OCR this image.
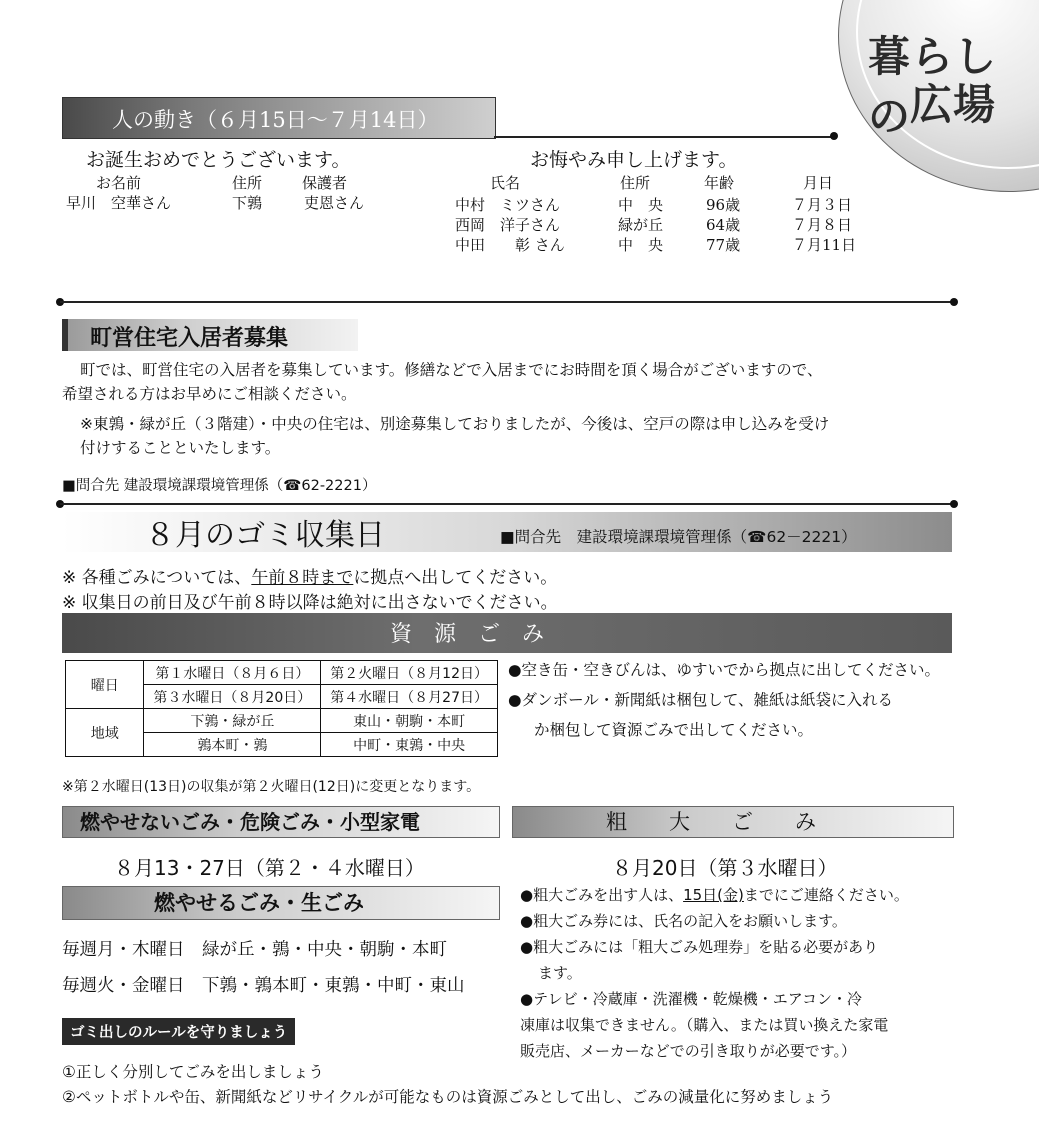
暮らしの
広場
人の動き（６月15日～７月14日）
お誕生おめでとうございます。
お名前	住所	保護者
早川　空華さん	下鶉	吏恩さん
お悔やみ申し上げます。
氏名	住所	年齢	月日
中村　ミツさん	中　央	96歳	７月３日
西岡　洋子さん	緑が丘	64歳	７月８日
中田　　彰 さん	中　央	77歳	７月11日
町営住宅入居者募集
町では、町営住宅の入居者を募集しています。修繕などで入居までにお時間を頂く場合がございますので、
希望される方はお早めにご相談ください。
※東鶉・緑が丘（３階建）・中央の住宅は、別途募集しておりましたが、今後は、空戸の際は申し込みを受け
付けすることといたします。
■問合先 建設環境課環境管理係（☎62-2221）
８月のゴミ収集日	■問合先　建設環境課環境管理係（☎62－2221）
※ 各種ごみについては、午前８時までに拠点へ出してください。
※ 収集日の前日及び午前８時以降は絶対に出さないでください。
資　源　ご　み
曜日	第１水曜日（８月６日）	第２火曜日（８月12日）
	第３水曜日（８月20日）	第４水曜日（８月27日）
地域	下鶉・緑が丘	東山・朝駒・本町
	鶉本町・鶉	中町・東鶉・中央
●空き缶・空きびんは、ゆすいでから拠点に出してください。
●ダンボール・新聞紙は梱包して、雑紙は紙袋に入れる
か梱包して資源ごみで出してください。
※第２水曜日(13日)の収集が第２火曜日(12日)に変更となります。
燃やせないごみ・危険ごみ・小型家電
８月13・27日（第２・４水曜日）
燃やせるごみ・生ごみ
毎週月・木曜日　緑が丘・鶉・中央・朝駒・本町
毎週火・金曜日　下鶉・鶉本町・東鶉・中町・東山
粗　　大　　ご　　み
８月20日（第３水曜日）
●粗大ごみを出す人は、15日(金)までにご連絡ください。
●粗大ごみ券には、氏名の記入をお願いします。
●粗大ごみには「粗大ごみ処理券」を貼る必要があり
ます。
●テレビ・冷蔵庫・洗濯機・乾燥機・エアコン・冷
凍庫は収集できません。（購入、または買い換えた家電
販売店、メーカーなどでの引き取りが必要です。）
ゴミ出しのルールを守りましょう
①正しく分別してごみを出しましょう
②ペットボトルや缶、新聞紙などリサイクルが可能なものは資源ごみとして出し、ごみの減量化に努めましょう
